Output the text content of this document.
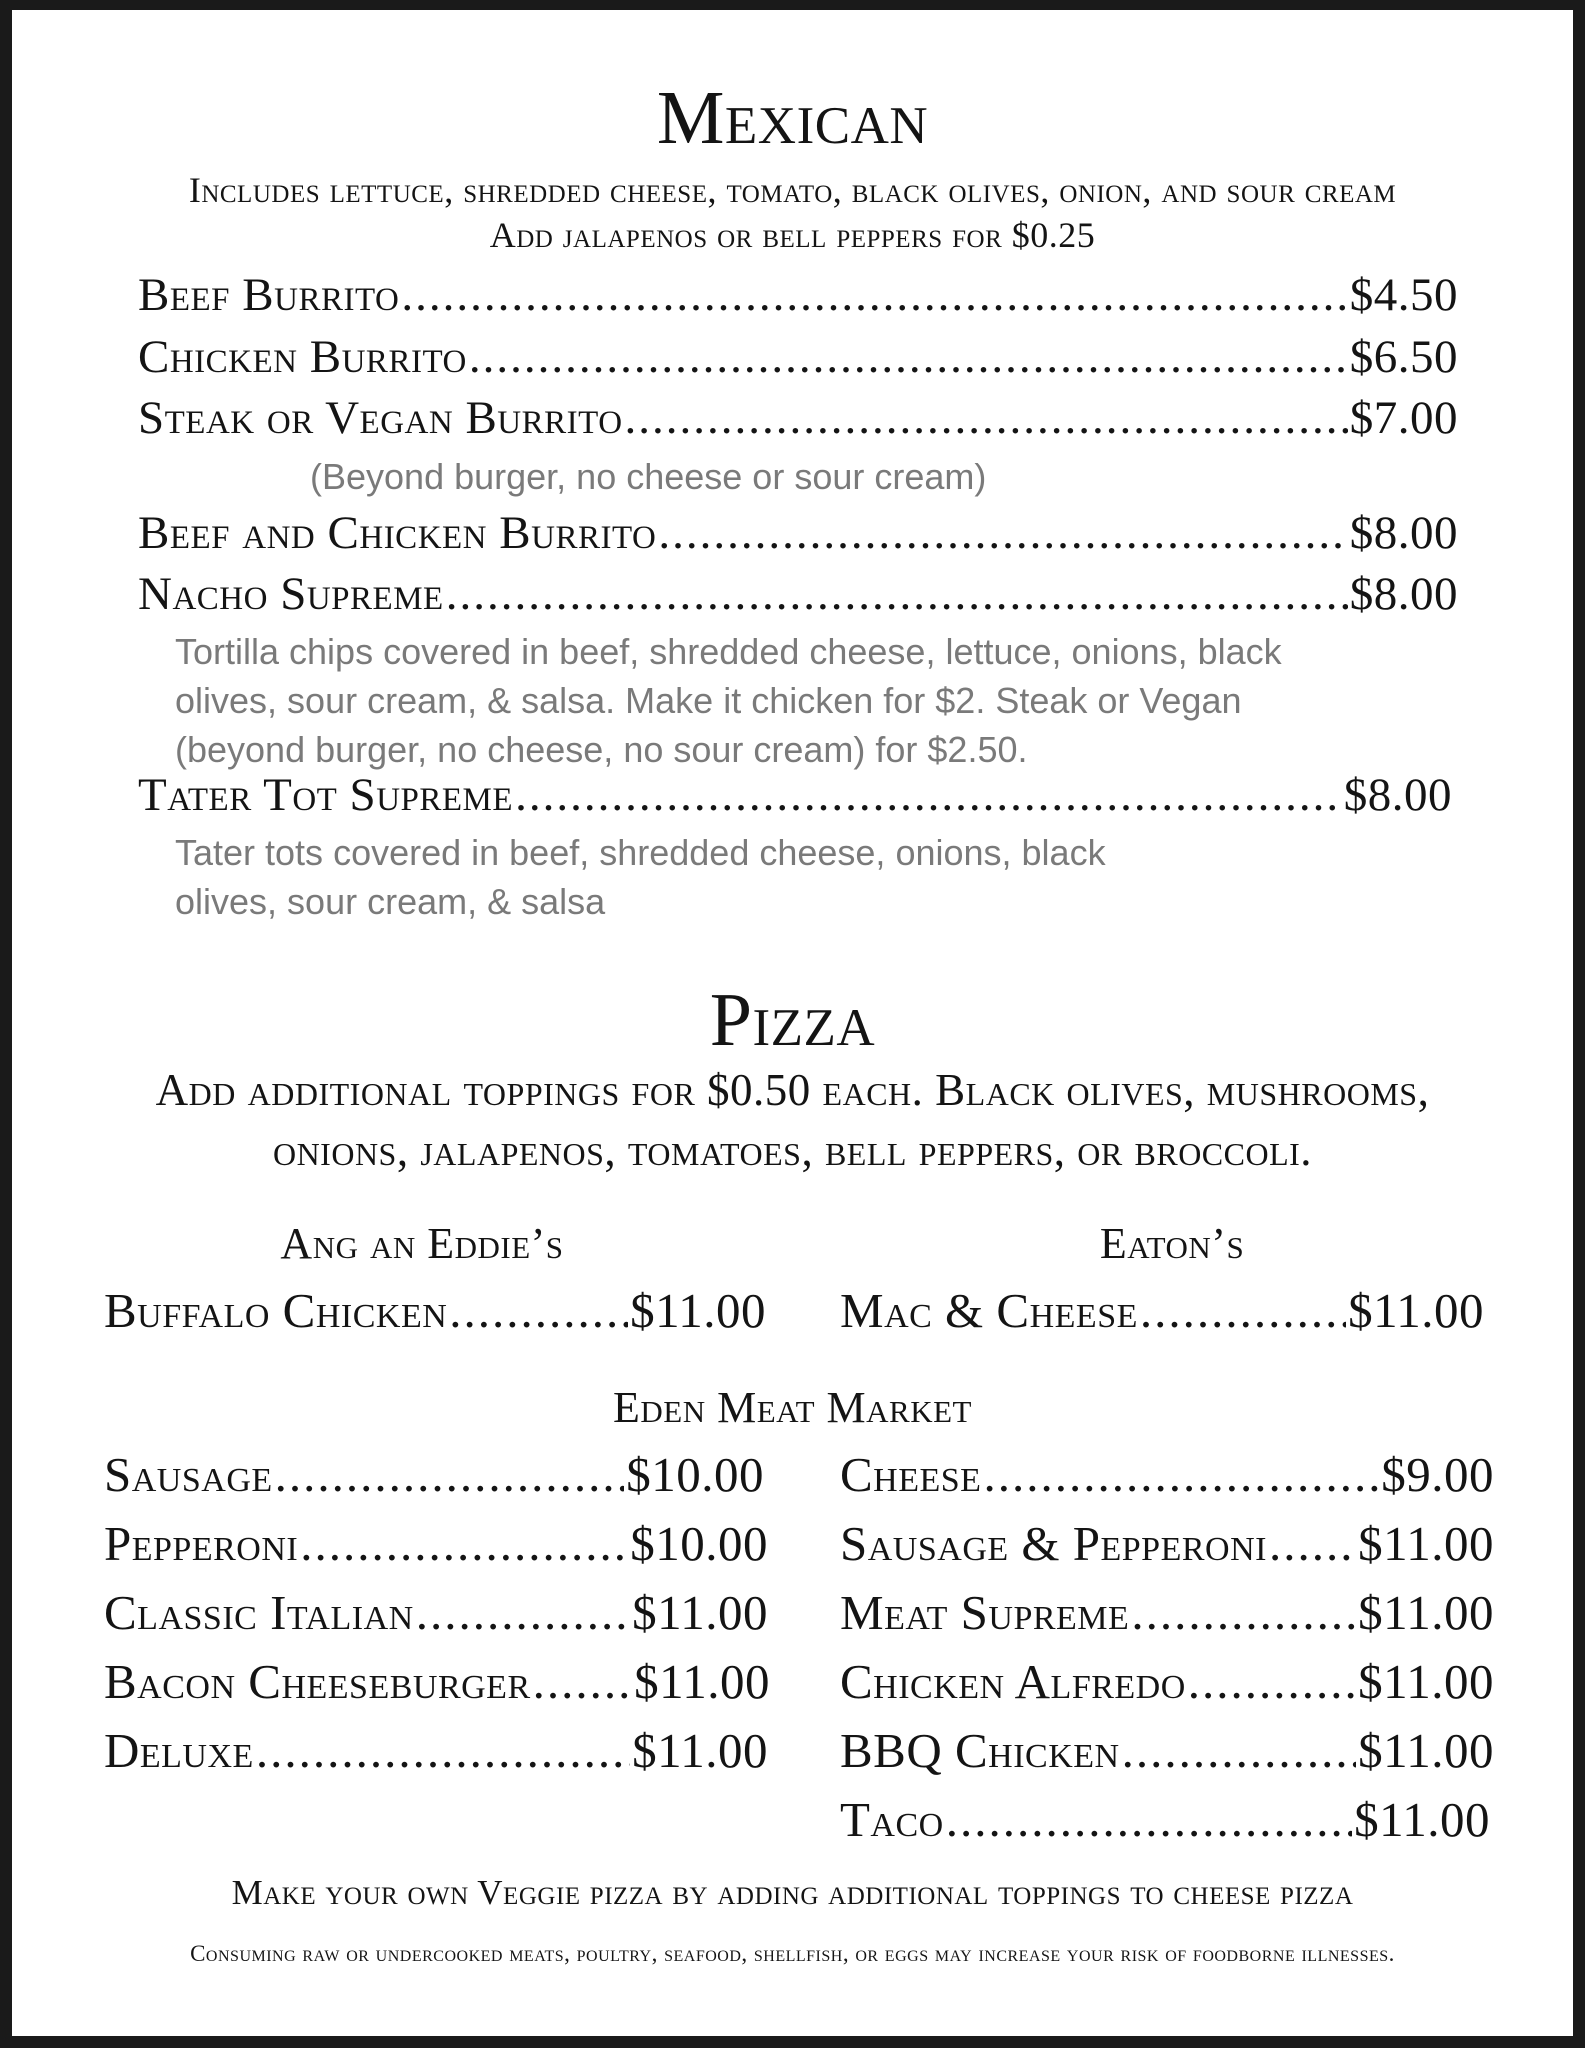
Mexican
Includes lettuce, shredded cheese, tomato, black olives, onion, and sour cream
Add jalapenos or bell peppers for $0.25
Beef Burrito .....	$4.50
Chicken Burrito .....	$6.50
Steak or Vegan Burrito .....	$7.00
(Beyond burger, no cheese or sour cream)
Beef and Chicken Burrito .....	$8.00
Nacho Supreme .....	$8.00
Tortilla chips covered in beef, shredded cheese, lettuce, onions, black
olives, sour cream, & salsa. Make it chicken for $2. Steak or Vegan
(beyond burger, no cheese, no sour cream) for $2.50.
Tater Tot Supreme .....	$8.00
Tater tots covered in beef, shredded cheese, onions, black
olives, sour cream, & salsa
Pizza
Add additional toppings for $0.50 each. Black olives, mushrooms,
onions, jalapenos, tomatoes, bell peppers, or broccoli.
Ang an Eddie’s	Eaton’s
Buffalo Chicken .....	$11.00 Mac & Cheese .....	$11.00
Eden Meat Market
Sausage .....	$10.00
Pepperoni .....	$10.00
Classic Italian .....	$11.00
Bacon Cheeseburger ..... $11.00
Deluxe .....	$11.00
Cheese .....	$9.00
Sausage & Pepperoni ..... $11.00
Meat Supreme .....	$11.00
Chicken Alfredo .....	$11.00
BBQ Chicken .....	$11.00
Taco .....	$11.00
Make your own Veggie pizza by adding additional toppings to cheese pizza
Consuming raw or undercooked meats, poultry, seafood, shellfish, or eggs may increase your risk of foodborne illnesses.
